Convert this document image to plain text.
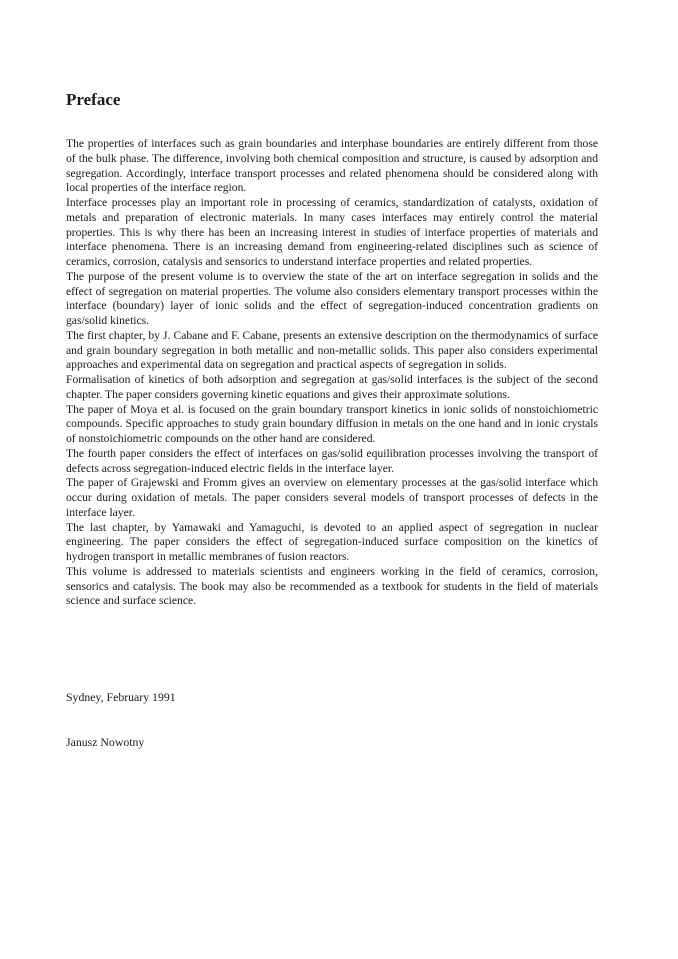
Preface

The properties of interfaces such as grain boundaries and interphase boundaries are entirely different from those of the bulk phase. The difference, involving both chemical composition and structure, is caused by adsorption and segregation. Accordingly, interface transport processes and related phenomena should be considered along with local properties of the interface region.

Interface processes play an important role in processing of ceramics, standardization of catalysts, oxidation of metals and preparation of electronic materials. In many cases interfaces may entirely control the material properties. This is why there has been an increasing interest in studies of interface properties of materials and interface phenomena. There is an increasing demand from engineering-related disciplines such as science of ceramics, corrosion, catalysis and sensorics to understand interface properties and related properties.

The purpose of the present volume is to overview the state of the art on interface segregation in solids and the effect of segregation on material properties. The volume also considers elementary transport processes within the interface (boundary) layer of ionic solids and the effect of segregation-induced concentration gradients on gas/solid kinetics.

The first chapter, by J. Cabane and F. Cabane, presents an extensive description on the thermodynamics of surface and grain boundary segregation in both metallic and non-metallic solids. This paper also considers experimental approaches and experimental data on segregation and practical aspects of segregation in solids.

Formalisation of kinetics of both adsorption and segregation at gas/solid interfaces is the subject of the second chapter. The paper considers governing kinetic equations and gives their approximate solutions.

The paper of Moya et al. is focused on the grain boundary transport kinetics in ionic solids of nonstoichiometric compounds. Specific approaches to study grain boundary diffusion in metals on the one hand and in ionic crystals of nonstoichiometric compounds on the other hand are considered.

The fourth paper considers the effect of interfaces on gas/solid equilibration processes involving the transport of defects across segregation-induced electric fields in the interface layer.

The paper of Grajewski and Fromm gives an overview on elementary processes at the gas/solid interface which occur during oxidation of metals. The paper considers several models of transport processes of defects in the interface layer.

The last chapter, by Yamawaki and Yamaguchi, is devoted to an applied aspect of segregation in nuclear engineering. The paper considers the effect of segregation-induced surface composition on the kinetics of hydrogen transport in metallic membranes of fusion reactors.

This volume is addressed to materials scientists and engineers working in the field of ceramics, corrosion, sensorics and catalysis. The book may also be recommended as a textbook for students in the field of materials science and surface science.

Sydney, February 1991
Janusz Nowotny
